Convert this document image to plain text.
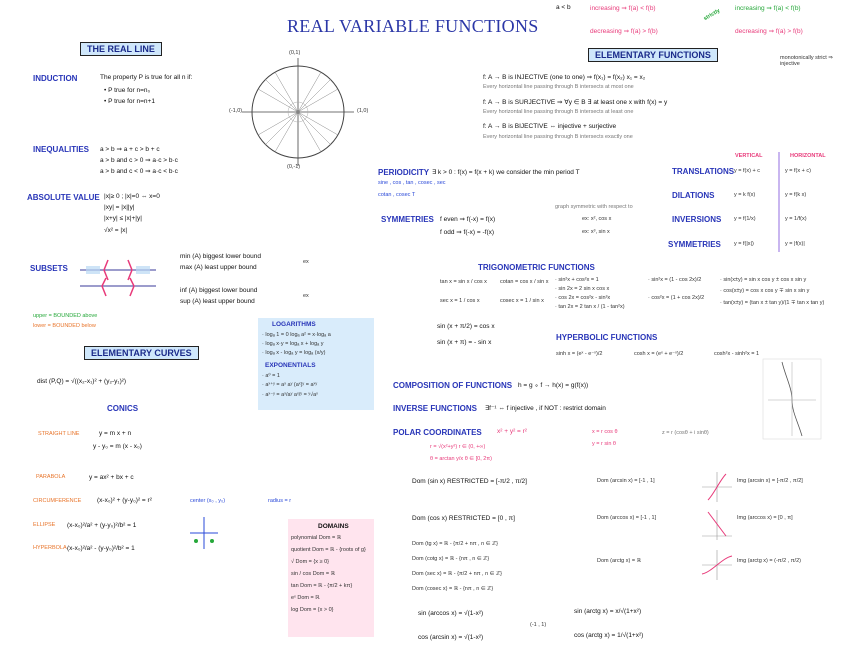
REAL VARIABLE FUNCTIONS
THE REAL LINE
INDUCTION	The property P is true for all n if:
• P true for n=n₀
• P true for n=n+1
INEQUALITIES a > b ⇒ a + c > b + c
a > b and c > 0 ⇒ a·c > b·c
a > b and c < 0 ⇒ a·c < b·c
ABSOLUTE VALUE |x|≥ 0 ; |x|=0 ⇔ x=0
|xy| = |x||y|
|x+y| ≤ |x|+|y|
√x² = |x|
SUBSETS
min (A) biggest lower bound
max (A) least upper bound
ex
inf (A) biggest lower bound
sup (A) least upper bound
ex
upper = BOUNDED above
lower = BOUNDED below
ELEMENTARY CURVES
dist (P,Q) = √((x₂-x₁)² + (y₂-y₁)²)
CONICS
STRAIGHT LINE	y = m x + n
y - y₀ = m (x - x₀)
PARABOLA	y = ax² + bx + c
CIRCUMFERENCE (x-x₀)² + (y-y₀)² = r²	center (x₀ , y₀)	radius = r
ELLIPSE (x-x₀)²/a² + (y-y₀)²/b² = 1
HYPERBOLA (x-x₀)²/a² - (y-y₀)²/b² = 1
LOGARITHMS
· logₐ 1 = 0 logₐ a² = x·logₐ a
· logₐ x·y = logₐ x + logₐ y
· logₐ x - logₐ y = logₐ (x/y)
EXPONENTIALS
· a⁰ = 1
· aˣ⁺ʸ = aˣ aʸ (aˣ)ʸ = aˣʸ
· aˣ⁻ʸ = aˣ/aʸ aˣ/ʸ = ʸ√aˣ
DOMAINS
polynomial Dom = ℝ
quotient Dom = ℝ - {roots of g}
√ Dom = {x ≥ 0}
sin / cos Dom = ℝ
tan Dom = ℝ - {π/2 + kπ}
eˣ Dom = ℝ
log Dom = {x > 0}
(0,1)
(0,-1)
(-1,0)	(1,0)
a < b	increasing ⇒ f(a) < f(b)
decreasing ⇒ f(a) > f(b)
strictly increasing ⇒ f(a) < f(b)
decreasing ⇒ f(a) > f(b)
ELEMENTARY FUNCTIONS
f: A → B is INJECTIVE (one to one) ⇒ f(x₁) = f(x₂) x₁ = x₂
Every horizontal line passing through B intersects at most one
f: A → B is SURJECTIVE ⇒ ∀y ∈ B ∃ at least one x with f(x) = y
Every horizontal line passing through B intersects at least one
f: A → B is BIJECTIVE ⇔ injective + surjective
Every horizontal line passing through B intersects exactly one
monotonically strict ⇒ injective
PERIODICITY ∃ k > 0 : f(x) = f(x + k) we consider the min period T
sine , cos , tan , cosec , sec
cotan , cosec T
SYMMETRIES
graph symmetric with respect to
f even ⇒ f(-x) = f(x)	ex: x², cos x
f odd ⇒ f(-x) = -f(x)	ex: x³, sin x
VERTICAL	HORIZONTAL
TRANSLATIONS y = f(x) + c	y = f(x + c)
DILATIONS	y = k f(x)	y = f(k x)
INVERSIONS y = f(1/x)	y = 1/f(x)
SYMMETRIES y = f(|x|)	y = |f(x)|
TRIGONOMETRIC FUNCTIONS
tan x = sin x / cos x cotan = cos x / sin x
sec x = 1 / cos x	cosec x = 1 / sin x
· sin²x + cos²x = 1
· sin 2x = 2 sin x cos x
· cos 2x = cos²x - sin²x
· tan 2x = 2 tan x / (1 - tan²x)
· sin²x = (1 - cos 2x)/2
· cos²x = (1 + cos 2x)/2
· sin(x±y) = sin x cos y ± cos x sin y
· cos(x±y) = cos x cos y ∓ sin x sin y
· tan(x±y) = (tan x ± tan y)/(1 ∓ tan x tan y)
sin (x + π/2) = cos x
sin (x + π) = - sin x
HYPERBOLIC FUNCTIONS
sinh x = (eˣ - e⁻ˣ)/2	cosh x = (eˣ + e⁻ˣ)/2	cosh²x - sinh²x = 1
COMPOSITION OF FUNCTIONS h = g ∘ f → h(x) = g(f(x))
INVERSE FUNCTIONS ∃f⁻¹ ⇔ f injective , if NOT : restrict domain
POLAR COORDINATES x² + y² = r²
r = √(x²+y²) r ∈ (0, +∞)
θ = arctan y/x θ ∈ [0, 2π)
x = r cos θ
y = r sin θ
z = r (cosθ + i sinθ)
Dom (sin x) RESTRICTED = [-π/2 , π/2]
Dom (cos x) RESTRICTED = [0 , π]
Dom (tg x) = ℝ - {π/2 + nπ , n ∈ ℤ}
Dom (cotg x) = ℝ - {nπ , n ∈ ℤ}
Dom (sec x) = ℝ - {π/2 + nπ , n ∈ ℤ}
Dom (cosec x) = ℝ - {nπ , n ∈ ℤ}
Dom (arcsin x) = [-1 , 1]	Img (arcsin x) = [-π/2 , π/2]
Dom (arccos x) = [-1 , 1]	Img (arccos x) = [0 , π]
Dom (arctg x) = ℝ	Img (arctg x) = (-π/2 , π/2)
sin (arccos x) = √(1-x²)
cos (arcsin x) = √(1-x²)
(-1 , 1)
sin (arctg x) = x/√(1+x²)
cos (arctg x) = 1/√(1+x²)
